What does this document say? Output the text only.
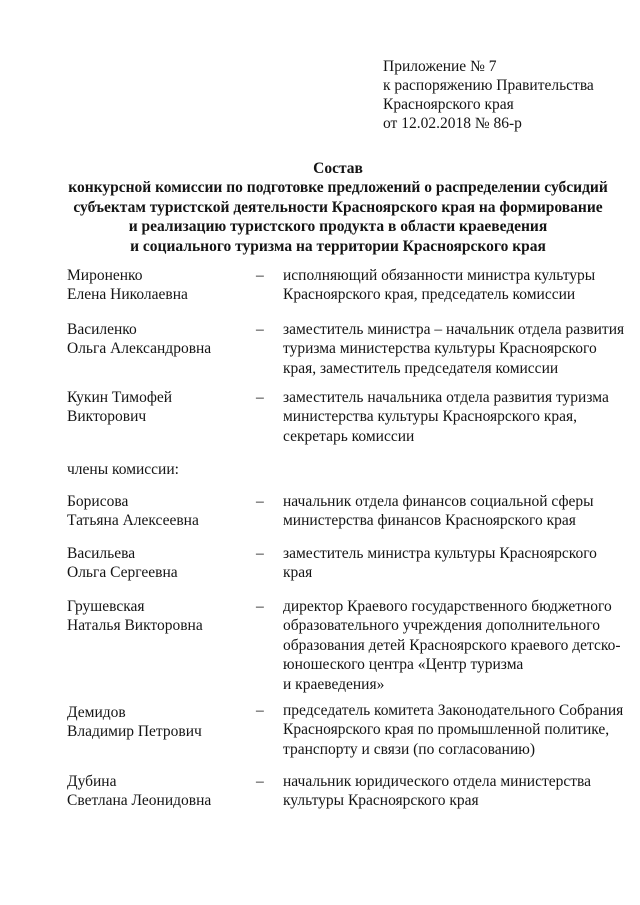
Приложение № 7
к распоряжению Правительства
Красноярского края
от 12.02.2018 № 86-р
Состав
конкурсной комиссии по подготовке предложений о распределении субсидий
субъектам туристской деятельности Красноярского края на формирование
и реализацию туристского продукта в области краеведения
и социального туризма на территории Красноярского края
Мироненко
Елена Николаевна
– исполняющий обязанности министра культуры
Красноярского края, председатель комиссии
Василенко
Ольга Александровна
– заместитель министра – начальник отдела развития
туризма министерства культуры Красноярского
края, заместитель председателя комиссии
Кукин Тимофей
Викторович
– заместитель начальника отдела развития туризма
министерства культуры Красноярского края,
секретарь комиссии
члены комиссии:
Борисова
Татьяна Алексеевна
– начальник отдела финансов социальной сферы
министерства финансов Красноярского края
Васильева
Ольга Сергеевна
– заместитель министра культуры Красноярского
края
Грушевская
Наталья Викторовна
– директор Краевого государственного бюджетного
образовательного учреждения дополнительного
образования детей Красноярского краевого детско-
юношеского центра «Центр туризма
и краеведения»
Демидов
Владимир Петрович
– председатель комитета Законодательного Собрания
Красноярского края по промышленной политике,
транспорту и связи (по согласованию)
Дубина
Светлана Леонидовна
– начальник юридического отдела министерства
культуры Красноярского края
